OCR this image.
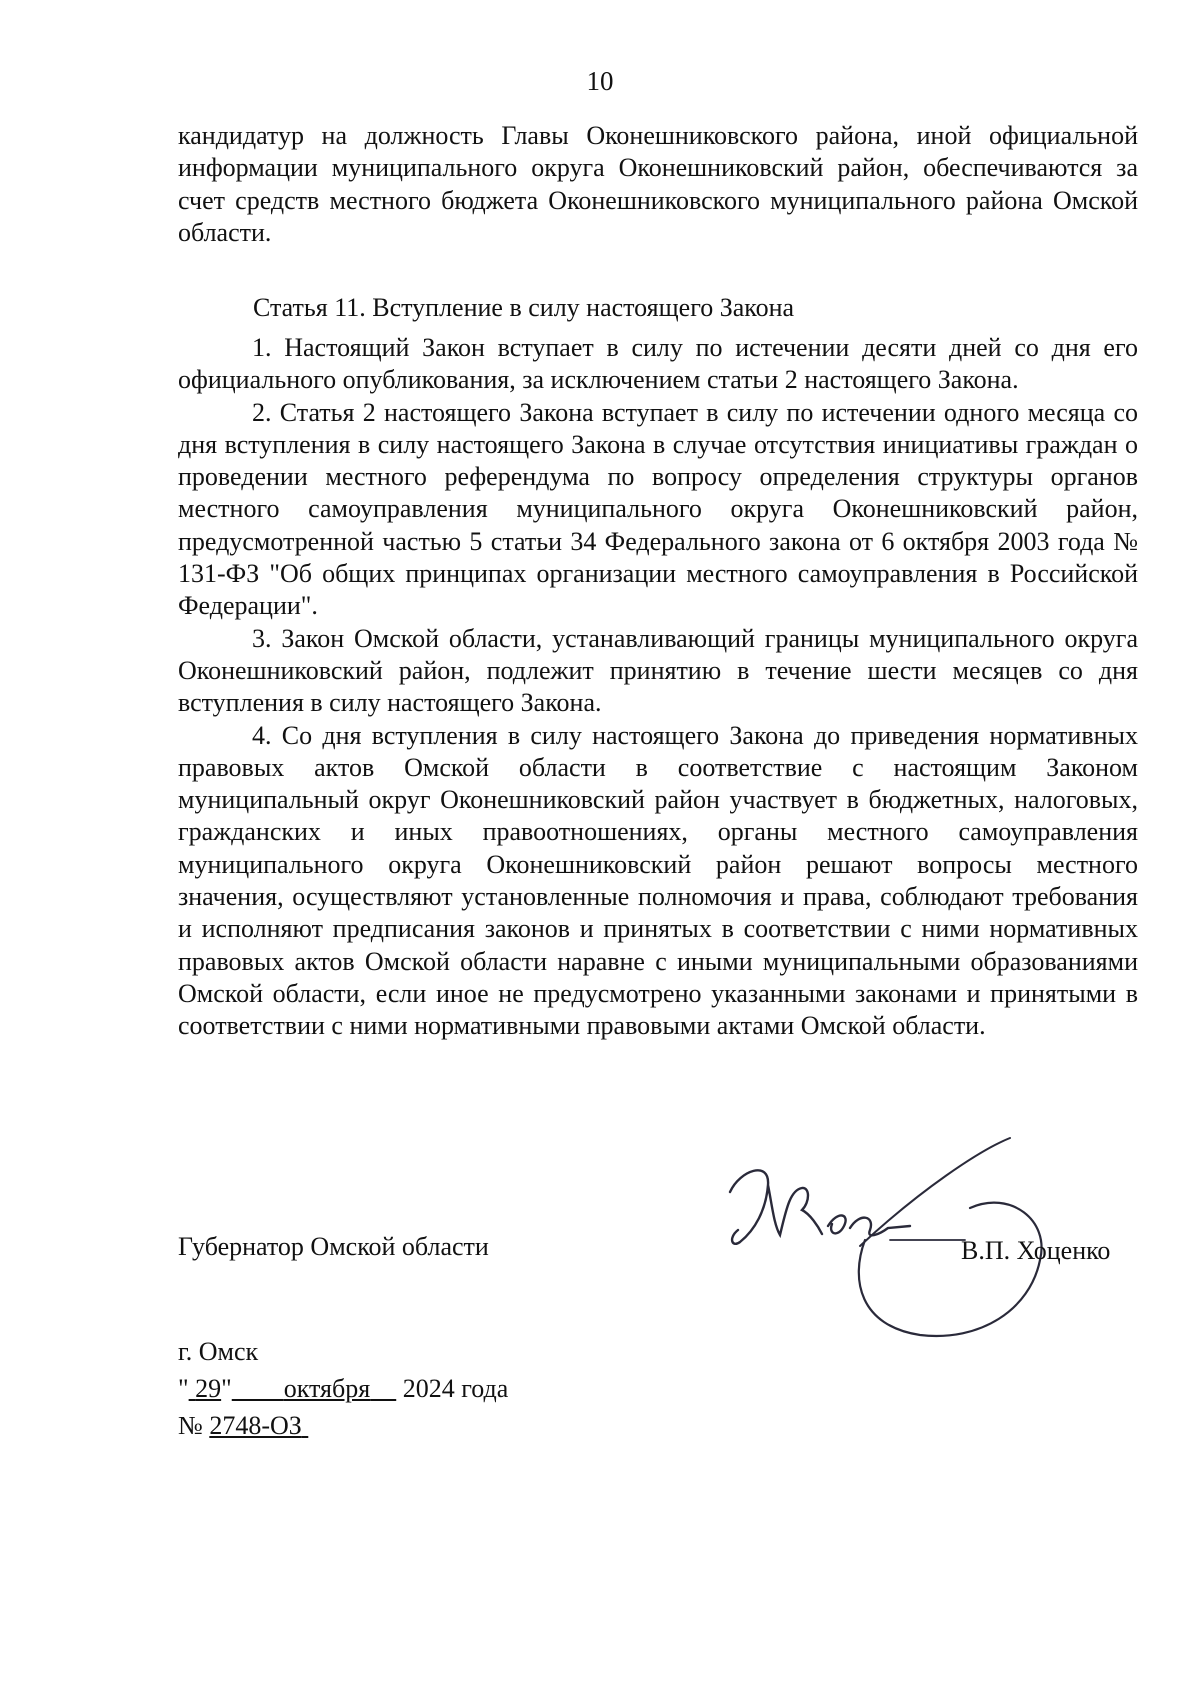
10

кандидатур на должность Главы Оконешниковского района, иной официальной информации муниципального округа Оконешниковский район, обеспечиваются за счет средств местного бюджета Оконешниковского муниципального района Омской области.

Статья 11. Вступление в силу настоящего Закона

1. Настоящий Закон вступает в силу по истечении десяти дней со дня его официального опубликования, за исключением статьи 2 настоящего Закона.

2. Статья 2 настоящего Закона вступает в силу по истечении одного месяца со дня вступления в силу настоящего Закона в случае отсутствия инициативы граждан о проведении местного референдума по вопросу определения структуры органов местного самоуправления муниципального округа Оконешниковский район, предусмотренной частью 5 статьи 34 Федерального закона от 6 октября 2003 года № 131-ФЗ "Об общих принципах организации местного самоуправления в Российской Федерации".

3. Закон Омской области, устанавливающий границы муниципального округа Оконешниковский район, подлежит принятию в течение шести месяцев со дня вступления в силу настоящего Закона.

4. Со дня вступления в силу настоящего Закона до приведения нормативных правовых актов Омской области в соответствие с настоящим Законом муниципальный округ Оконешниковский район участвует в бюджетных, налоговых, гражданских и иных правоотношениях, органы местного самоуправления муниципального округа Оконешниковский район решают вопросы местного значения, осуществляют установленные полномочия и права, соблюдают требования и исполняют предписания законов и принятых в соответствии с ними нормативных правовых актов Омской области наравне с иными муниципальными образованиями Омской области, если иное не предусмотрено указанными законами и принятыми в соответствии с ними нормативными правовыми актами Омской области.

Губернатор Омской области	В.П. Хоценко
г. Омск
" 29" октября 2024 года
№ 2748-ОЗ
